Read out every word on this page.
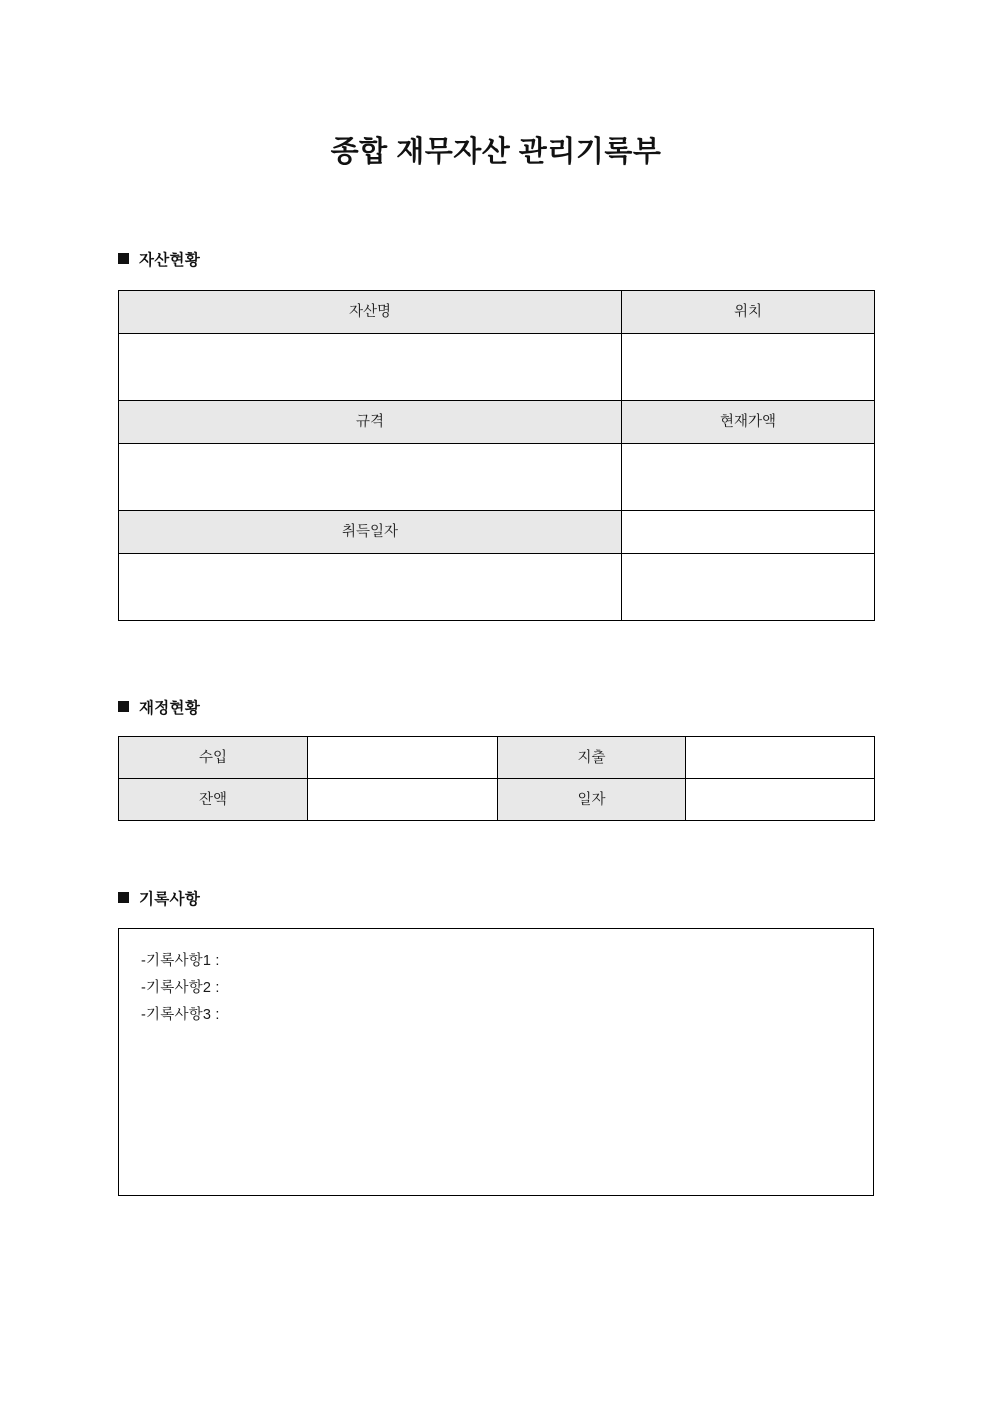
종합 재무자산 관리기록부
자산현황
자산명	위치

규격	현재가액

취득일자	

재정현황
수입		지출	
잔액		일자	
기록사항
-기록사항1 :
-기록사항2 :
-기록사항3 :
